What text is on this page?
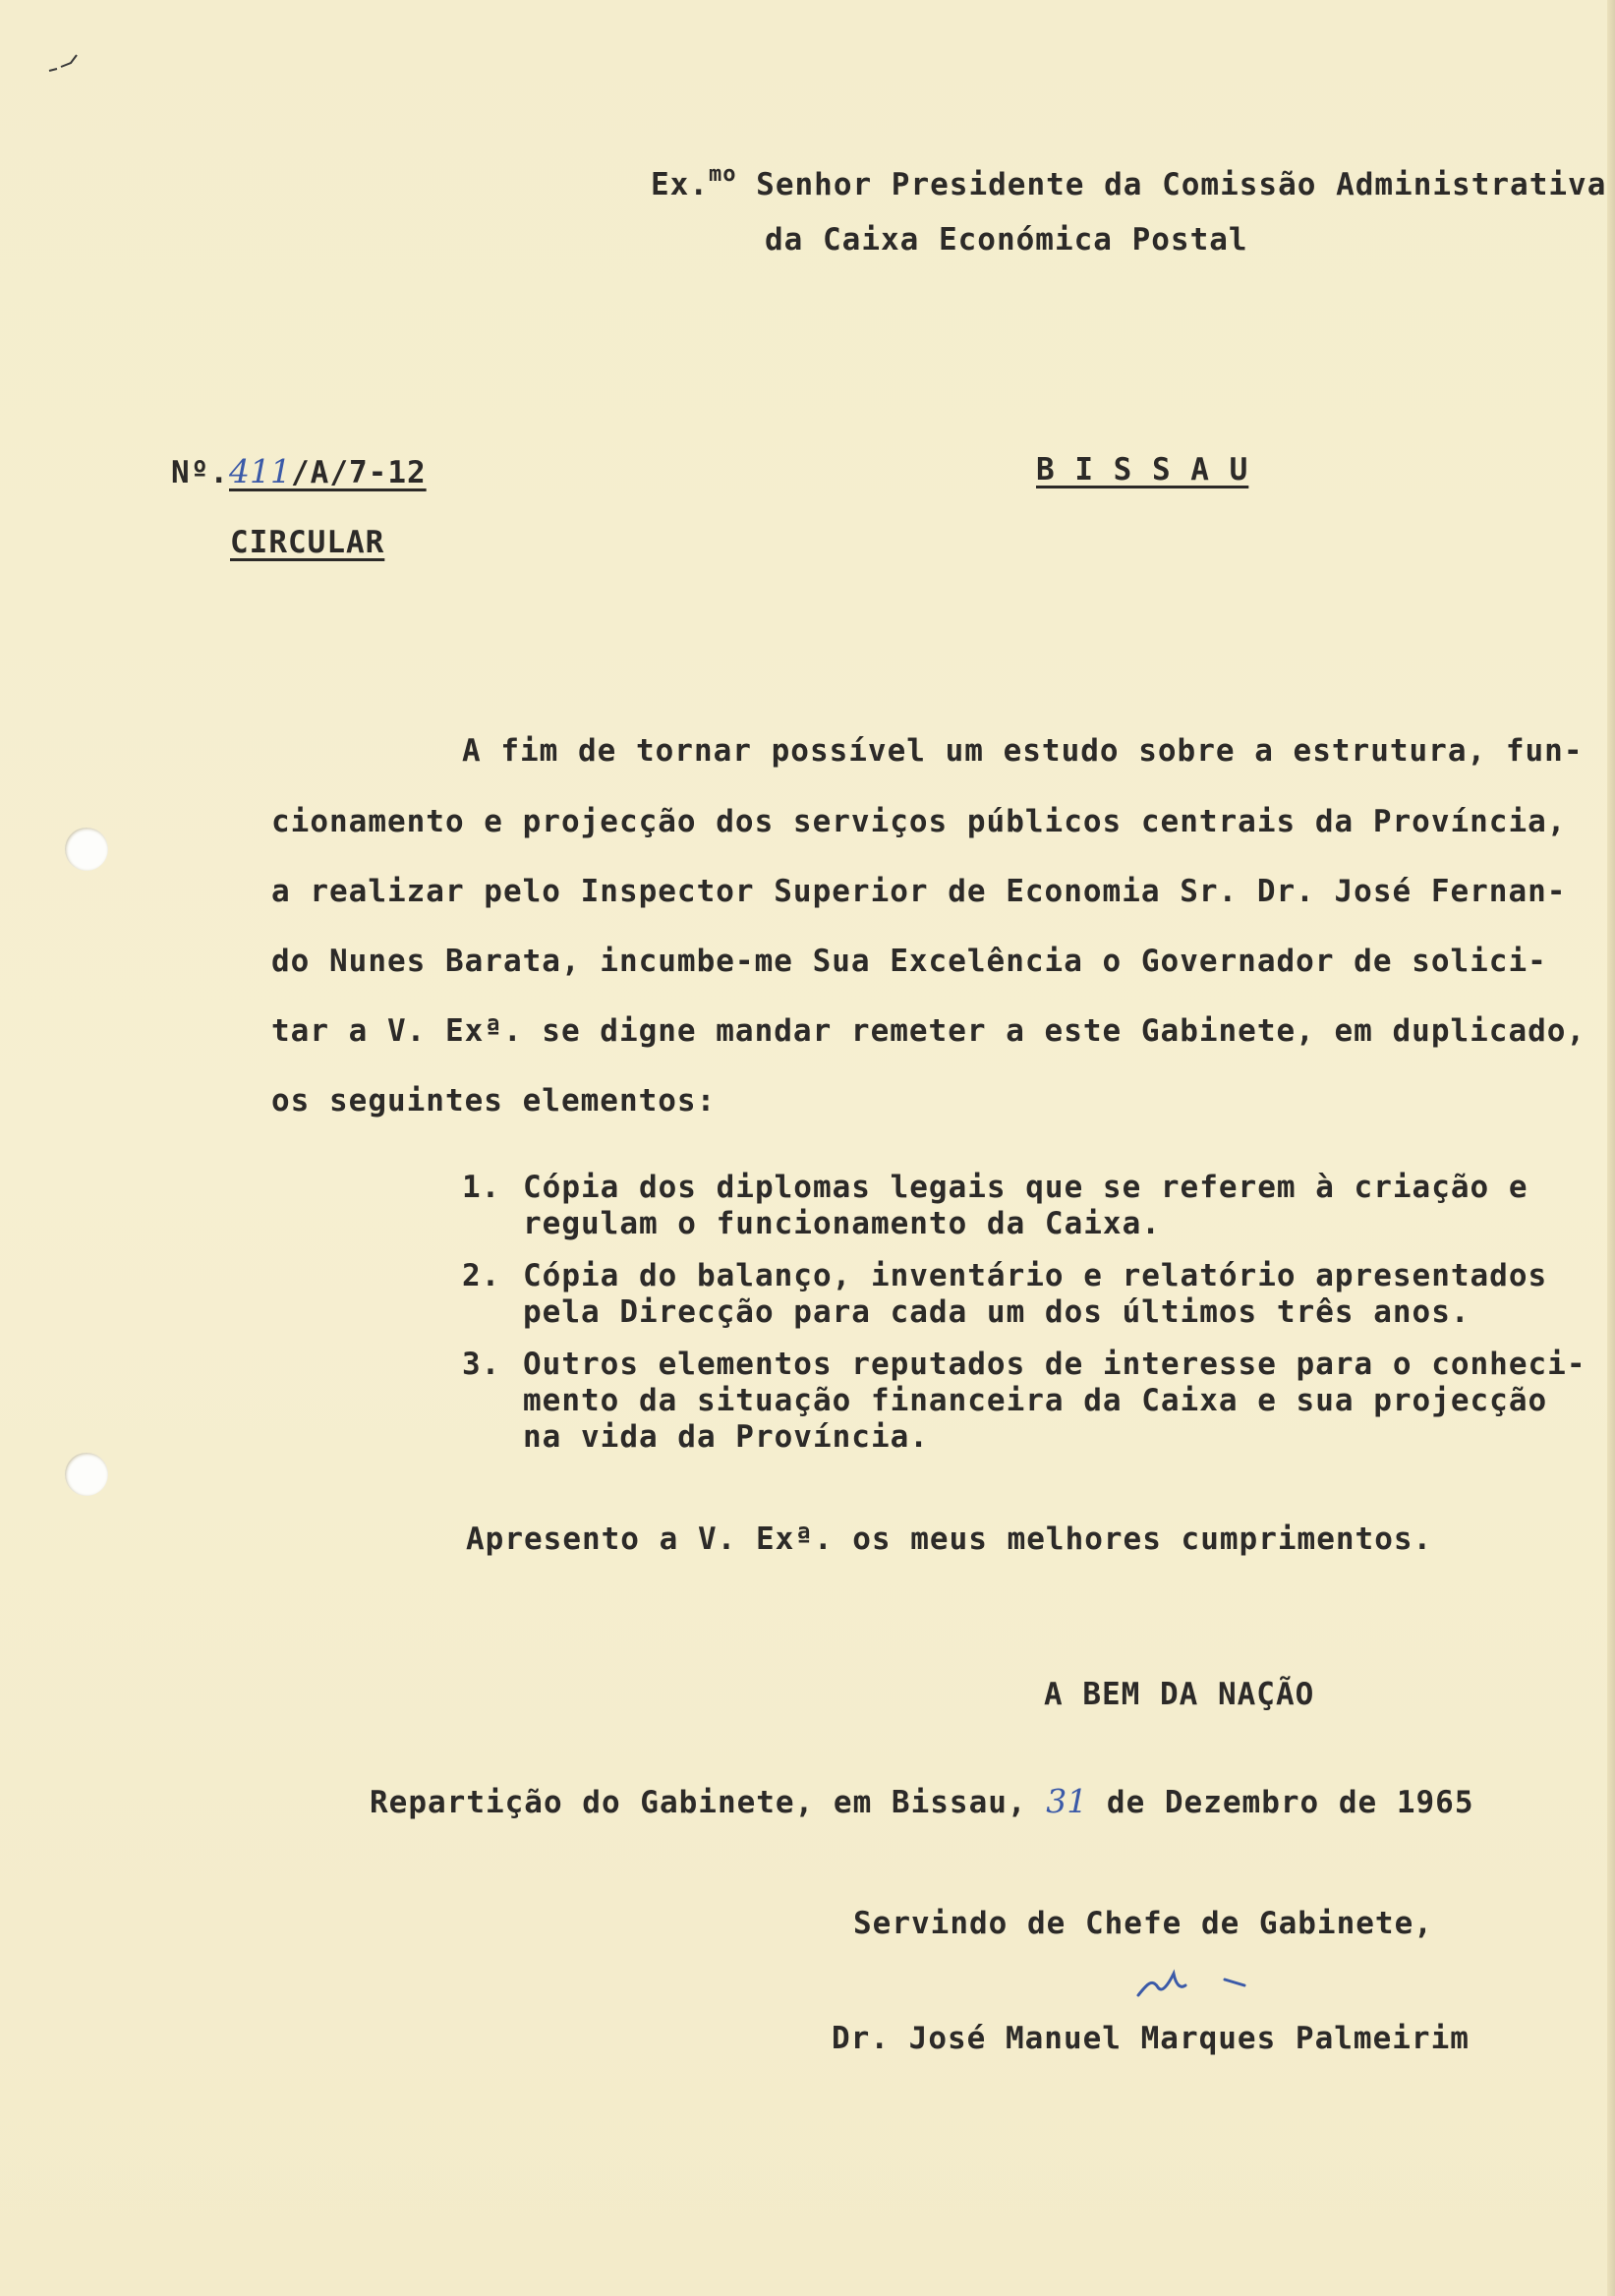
Ex.$^{mo}$ Senhor Presidente da Comissão Administrativa
da Caixa Económica Postal
Nº.411/A/7-12	B I S S A U
CIRCULAR
A fim de tornar possível um estudo sobre a estrutura, fun-
cionamento e projecção dos serviços públicos centrais da Província,
a realizar pelo Inspector Superior de Economia Sr. Dr. José Fernan-
do Nunes Barata, incumbe-me Sua Excelência o Governador de solici-
tar a V. Exª. se digne mandar remeter a este Gabinete, em duplicado,
os seguintes elementos:
1. Cópia dos diplomas legais que se referem à criação e
regulam o funcionamento da Caixa.
2. Cópia do balanço, inventário e relatório apresentados
pela Direcção para cada um dos últimos três anos.
3. Outros elementos reputados de interesse para o conheci-
mento da situação financeira da Caixa e sua projecção
na vida da Província.
Apresento a V. Exª. os meus melhores cumprimentos.
A BEM DA NAÇÃO
Repartição do Gabinete, em Bissau, 31 de Dezembro de 1965
Servindo de Chefe de Gabinete,
Dr. José Manuel Marques Palmeirim
